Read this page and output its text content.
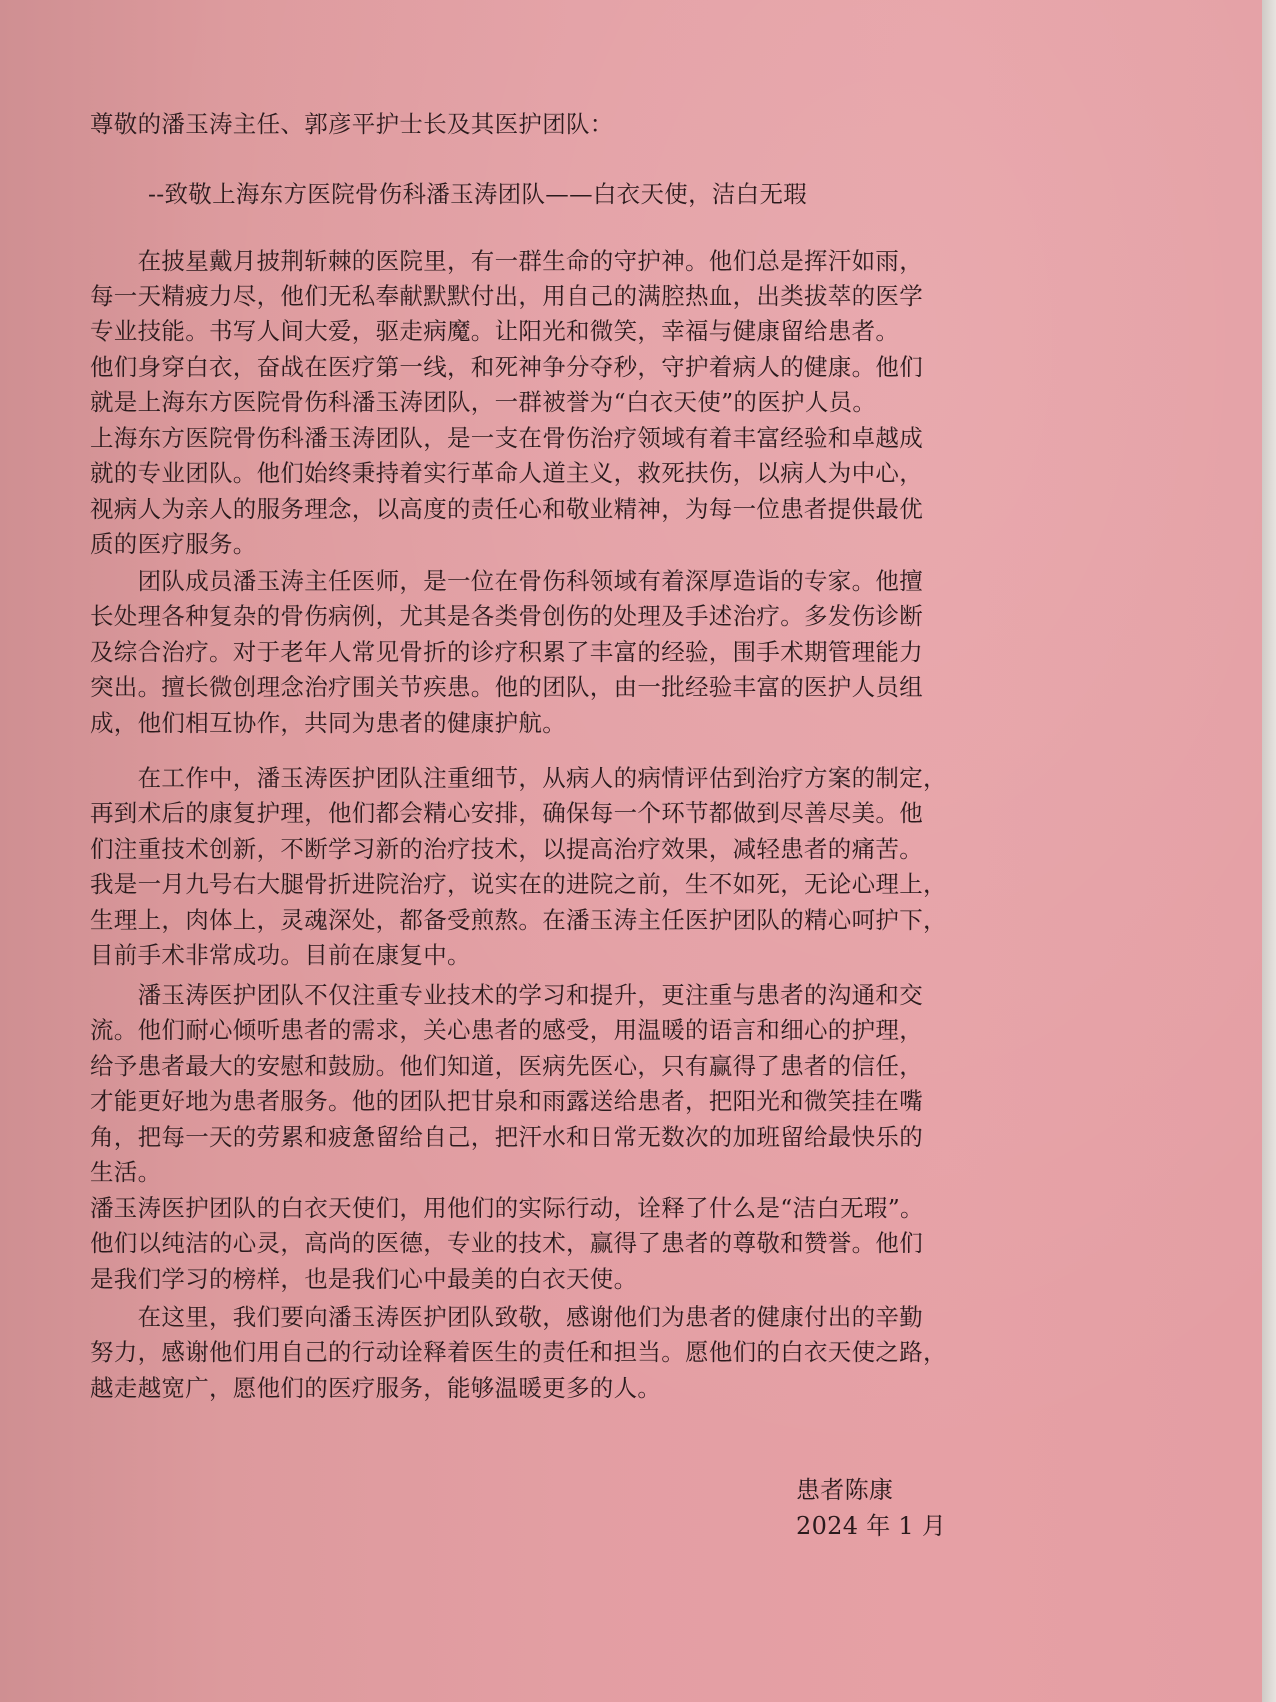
尊敬的潘玉涛主任、郭彦平护士长及其医护团队：
--致敬上海东方医院骨伤科潘玉涛团队——白衣天使，洁白无瑕
　　在披星戴月披荆斩棘的医院里，有一群生命的守护神。他们总是挥汗如雨，
每一天精疲力尽，他们无私奉献默默付出，用自己的满腔热血，出类拔萃的医学
专业技能。书写人间大爱，驱走病魔。让阳光和微笑，幸福与健康留给患者。
他们身穿白衣，奋战在医疗第一线，和死神争分夺秒，守护着病人的健康。他们
就是上海东方医院骨伤科潘玉涛团队，一群被誉为“白衣天使”的医护人员。
上海东方医院骨伤科潘玉涛团队，是一支在骨伤治疗领域有着丰富经验和卓越成
就的专业团队。他们始终秉持着实行革命人道主义，救死扶伤，以病人为中心，
视病人为亲人的服务理念，以高度的责任心和敬业精神，为每一位患者提供最优
质的医疗服务。
　　团队成员潘玉涛主任医师，是一位在骨伤科领域有着深厚造诣的专家。他擅
长处理各种复杂的骨伤病例，尤其是各类骨创伤的处理及手述治疗。多发伤诊断
及综合治疗。对于老年人常见骨折的诊疗积累了丰富的经验，围手术期管理能力
突出。擅长微创理念治疗围关节疾患。他的团队，由一批经验丰富的医护人员组
成，他们相互协作，共同为患者的健康护航。
　　在工作中，潘玉涛医护团队注重细节，从病人的病情评估到治疗方案的制定，
再到术后的康复护理，他们都会精心安排，确保每一个环节都做到尽善尽美。他
们注重技术创新，不断学习新的治疗技术，以提高治疗效果，减轻患者的痛苦。
我是一月九号右大腿骨折进院治疗，说实在的进院之前，生不如死，无论心理上，
生理上，肉体上，灵魂深处，都备受煎熬。在潘玉涛主任医护团队的精心呵护下，
目前手术非常成功。目前在康复中。
　　潘玉涛医护团队不仅注重专业技术的学习和提升，更注重与患者的沟通和交
流。他们耐心倾听患者的需求，关心患者的感受，用温暖的语言和细心的护理，
给予患者最大的安慰和鼓励。他们知道，医病先医心，只有赢得了患者的信任，
才能更好地为患者服务。他的团队把甘泉和雨露送给患者，把阳光和微笑挂在嘴
角，把每一天的劳累和疲惫留给自己，把汗水和日常无数次的加班留给最快乐的
生活。
潘玉涛医护团队的白衣天使们，用他们的实际行动，诠释了什么是“洁白无瑕”。
他们以纯洁的心灵，高尚的医德，专业的技术，赢得了患者的尊敬和赞誉。他们
是我们学习的榜样，也是我们心中最美的白衣天使。
　　在这里，我们要向潘玉涛医护团队致敬，感谢他们为患者的健康付出的辛勤
努力，感谢他们用自己的行动诠释着医生的责任和担当。愿他们的白衣天使之路，
越走越宽广，愿他们的医疗服务，能够温暖更多的人。
患者陈康
2024 年 1 月
